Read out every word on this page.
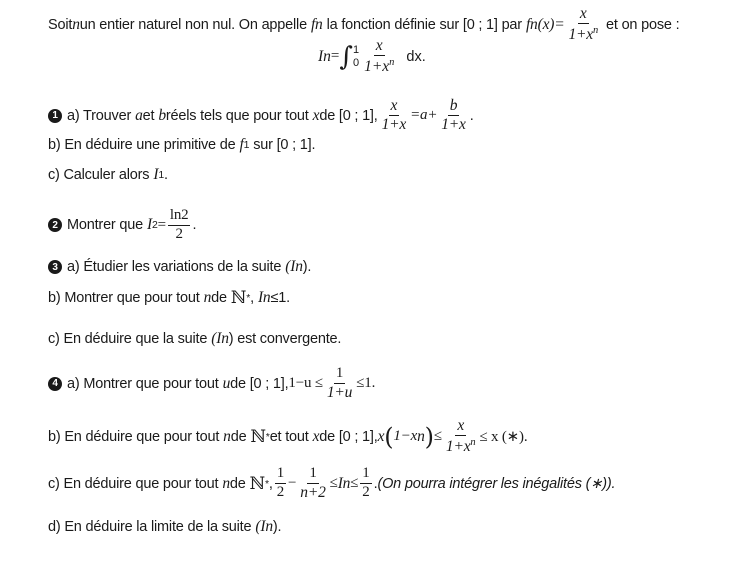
Soit n un entier naturel non nul. On appelle f n la fonction définie sur [0 ; 1] par f n $(x)= \frac{x}{1+x^n}$ et on pose :
I n = ∫ 1
$0 \frac{x}{1+x^n}$ dx.
1 a) Trouver a et b réels tels que pour tout x de [0 ; 1], $\frac{x}{1+x} =a+ \frac{b}{1+x}$ .
b) En déduire une primitive de f 1 sur [0 ; 1].
c) Calculer alors I 1 .
2 Montrer que I $2 = \frac{\ln 2}{2}$ .
3 a) Étudier les variations de la suite (I n ).
b) Montrer que pour tout n de ℕ * , I n ≤1.
c) En déduire que la suite (I n ) est convergente.
4 a) Montrer que pour tout u de [0 ; 1], $1-u \le \frac{1}{1+u} \le 1$.
b) En déduire que pour tout n de ℕ * et tout x de [0 ; 1], x ( 1−x n ) ≤ $\frac{x}{1+x^n} \le x$ (∗).
c) En déduire que pour tout n de ℕ * , $\frac{1}{2} - \frac{1}{n+2} \le I$ $n \le \frac{1}{2}$ . (On pourra intégrer les inégalités (∗)).
d) En déduire la limite de la suite (I n ).
